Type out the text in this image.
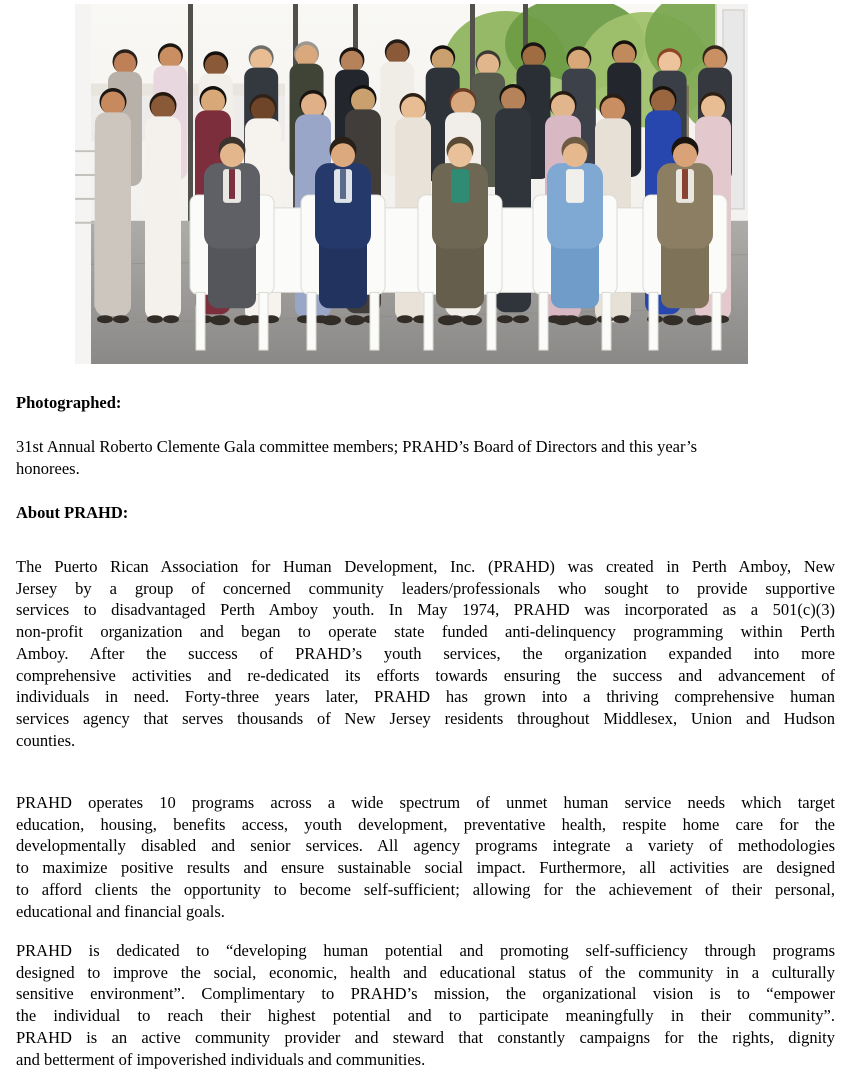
Photographed:
31st Annual Roberto Clemente Gala committee members; PRAHD’s Board of Directors and this year’s
honorees.
About PRAHD:
The Puerto Rican Association for Human Development, Inc. (PRAHD) was created in Perth Amboy, New
Jersey by a group of concerned community leaders/professionals who sought to provide supportive
services to disadvantaged Perth Amboy youth. In May 1974, PRAHD was incorporated as a 501(c)(3)
non-profit organization and began to operate state funded anti-delinquency programming within Perth
Amboy. After the success of PRAHD’s youth services, the organization expanded into more
comprehensive activities and re-dedicated its efforts towards ensuring the success and advancement of
individuals in need. Forty-three years later, PRAHD has grown into a thriving comprehensive human
services agency that serves thousands of New Jersey residents throughout Middlesex, Union and Hudson
counties.
PRAHD operates 10 programs across a wide spectrum of unmet human service needs which target
education, housing, benefits access, youth development, preventative health, respite home care for the
developmentally disabled and senior services. All agency programs integrate a variety of methodologies
to maximize positive results and ensure sustainable social impact. Furthermore, all activities are designed
to afford clients the opportunity to become self-sufficient; allowing for the achievement of their personal,
educational and financial goals.
PRAHD is dedicated to “developing human potential and promoting self-sufficiency through programs
designed to improve the social, economic, health and educational status of the community in a culturally
sensitive environment”. Complimentary to PRAHD’s mission, the organizational vision is to “empower
the individual to reach their highest potential and to participate meaningfully in their community”.
PRAHD is an active community provider and steward that constantly campaigns for the rights, dignity
and betterment of impoverished individuals and communities.
